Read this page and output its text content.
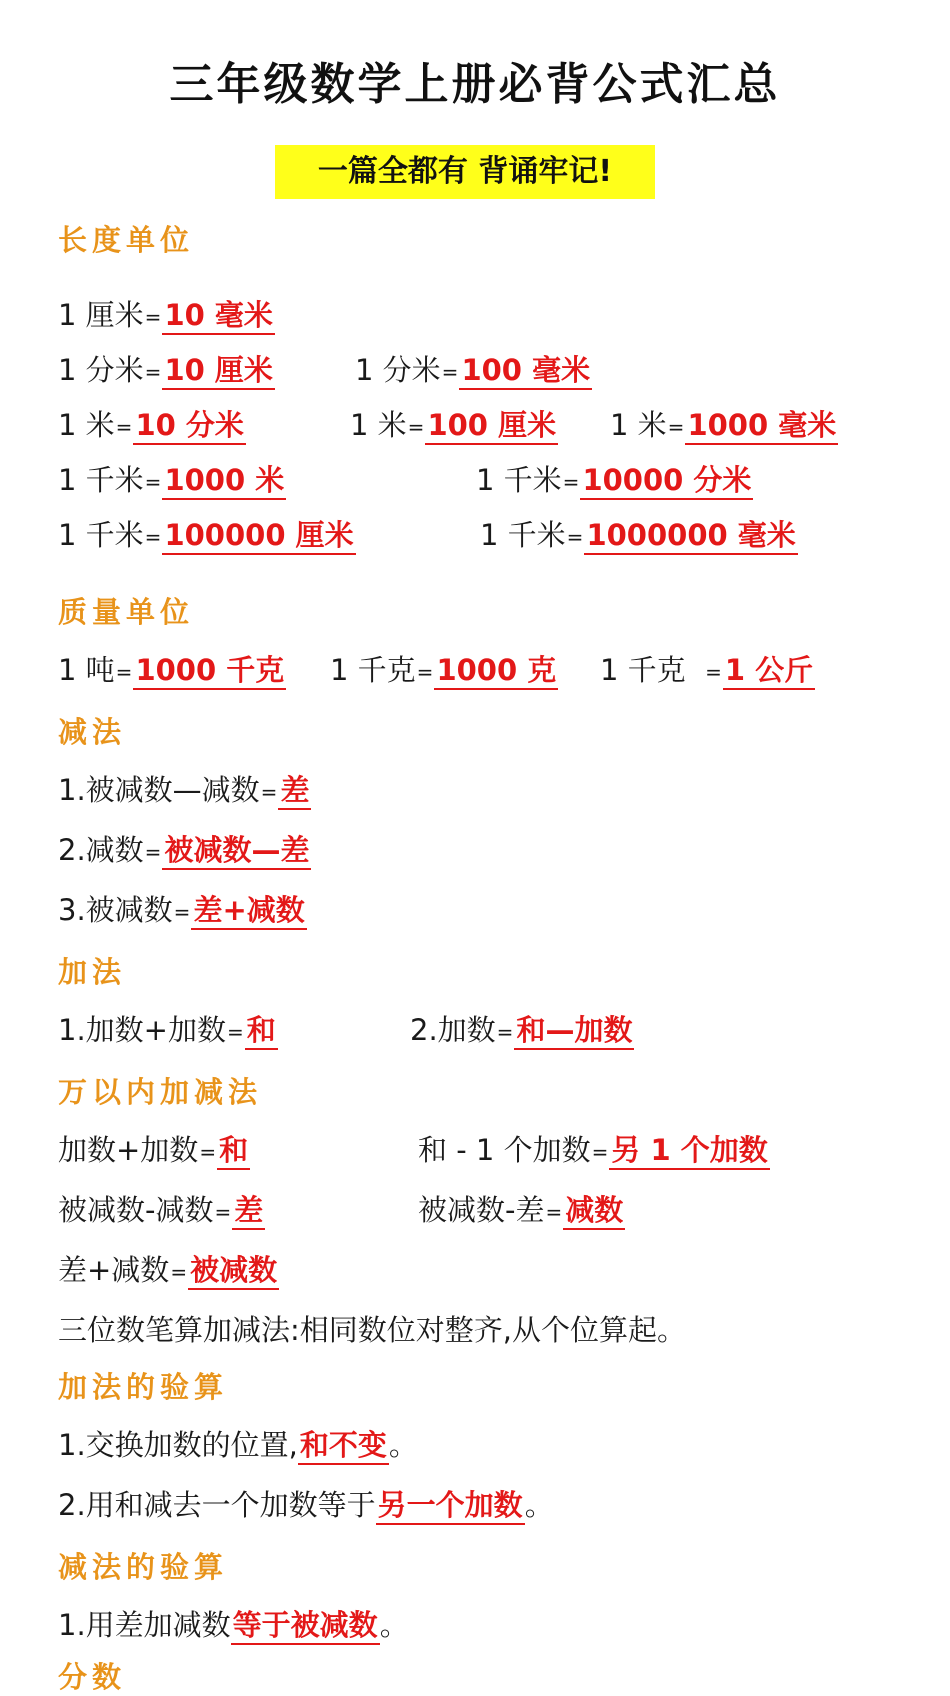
三年级数学上册必背公式汇总
一篇全都有 背诵牢记!
长度单位
1 厘米= 10 毫米
1 分米= 10 厘米	1 分米= 100 毫米
1 米= 10 分米	1 米= 100 厘米 1 米= 1000 毫米
1 千米= 1000 米	1 千米= 10000 分米
1 千米= 100000 厘米	1 千米= 1000000 毫米
质量单位
1 吨= 1000 千克 1 千克= 1000 克 1 千克 = 1 公斤
减法
1.被减数—减数= 差
2.减数= 被减数—差
3.被减数= 差+减数
加法
1.加数+加数= 和	2.加数= 和—加数
万以内加减法
加数+加数= 和	和 - 1 个加数= 另 1 个加数
被减数-减数= 差	被减数-差= 减数
差+减数= 被减数
三位数笔算加减法:相同数位对整齐,从个位算起。
加法的验算
1.交换加数的位置,和不变。
2.用和减去一个加数等于另一个加数。
减法的验算
1.用差加减数等于被减数。
分数
